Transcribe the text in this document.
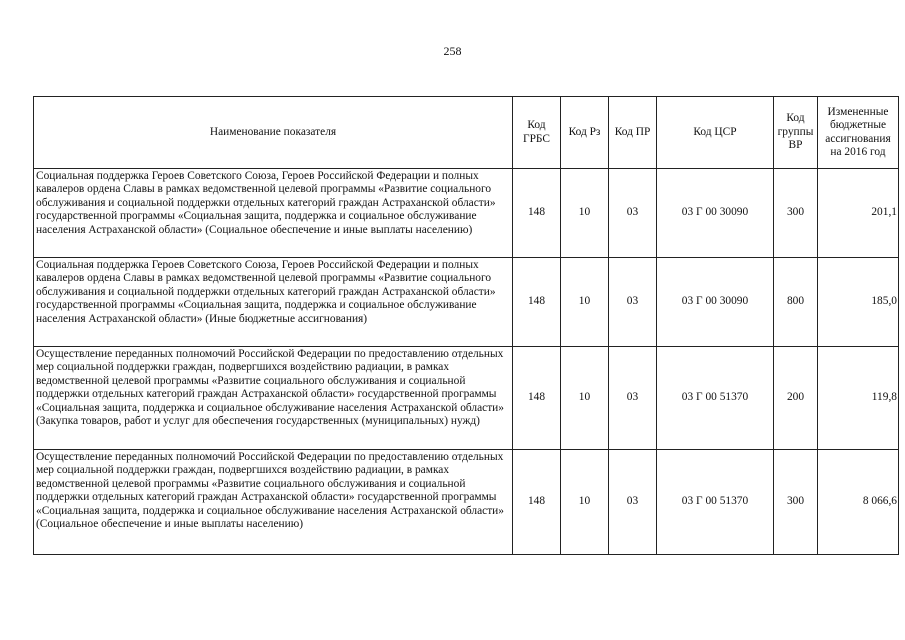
258
Наименование показателя	Код ГРБС	Код Рз	Код ПР	Код ЦСР	Код группы ВР	Измененные бюджетные ассигнования на 2016 год
Социальная поддержка Героев Советского Союза, Героев Российской Федерации и полных кавалеров ордена Славы в рамках ведомственной целевой программы «Развитие социального обслуживания и социальной поддержки отдельных категорий граждан Астраханской области» государственной программы «Социальная защита, поддержка и социальное обслуживание населения Астраханской области» (Социальное обеспечение и иные выплаты населению)	148	10	03	03 Г 00 30090	300	201,1
Социальная поддержка Героев Советского Союза, Героев Российской Федерации и полных кавалеров ордена Славы в рамках ведомственной целевой программы «Развитие социального обслуживания и социальной поддержки отдельных категорий граждан Астраханской области» государственной программы «Социальная защита, поддержка и социальное обслуживание населения Астраханской области» (Иные бюджетные ассигнования)	148	10	03	03 Г 00 30090	800	185,0
Осуществление переданных полномочий Российской Федерации по предоставлению отдельных мер социальной поддержки граждан, подвергшихся воздействию радиации, в рамках ведомственной целевой программы «Развитие социального обслуживания и социальной поддержки отдельных категорий граждан Астраханской области» государственной программы «Социальная защита, поддержка и социальное обслуживание населения Астраханской области» (Закупка товаров, работ и услуг для обеспечения государственных (муниципальных) нужд)	148	10	03	03 Г 00 51370	200	119,8
Осуществление переданных полномочий Российской Федерации по предоставлению отдельных мер социальной поддержки граждан, подвергшихся воздействию радиации, в рамках ведомственной целевой программы «Развитие социального обслуживания и социальной поддержки отдельных категорий граждан Астраханской области» государственной программы «Социальная защита, поддержка и социальное обслуживание населения Астраханской области» (Социальное обеспечение и иные выплаты населению)	148	10	03	03 Г 00 51370	300	8 066,6
